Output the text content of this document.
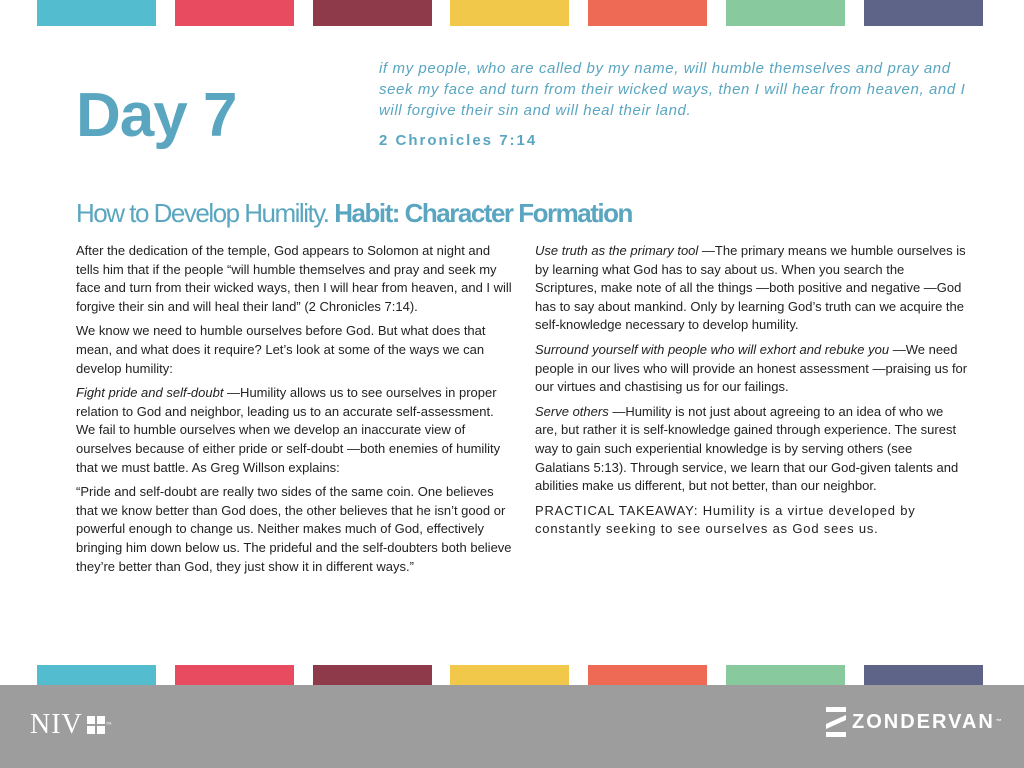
Day 7
if my people, who are called by my name, will humble themselves and pray and seek my face and turn from their wicked ways, then I will hear from heaven, and I will forgive their sin and will heal their land.
2 Chronicles 7:14
How to Develop Humility. Habit: Character Formation

After the dedication of the temple, God appears to Solomon at night and tells him that if the people “will humble themselves and pray and seek my face and turn from their wicked ways, then I will hear from heaven, and I will forgive their sin and will heal their land” (2 Chronicles 7:14).

We know we need to humble ourselves before God. But what does that mean, and what does it require? Let’s look at some of the ways we can develop humility:

Fight pride and self-doubt —Humility allows us to see ourselves in proper relation to God and neighbor, leading us to an accurate self-assessment. We fail to humble ourselves when we develop an inaccurate view of ourselves because of either pride or self-doubt —both enemies of humility that we must battle. As Greg Willson explains:

“Pride and self-doubt are really two sides of the same coin. One believes that we know better than God does, the other believes that he isn’t good or powerful enough to change us. Neither makes much of God, effectively bringing him down below us. The prideful and the self-doubters both believe they’re better than God, they just show it in different ways.”

Use truth as the primary tool —The primary means we humble ourselves is by learning what God has to say about us. When you search the Scriptures, make note of all the things —both positive and negative —God has to say about mankind. Only by learning God’s truth can we acquire the self-knowledge necessary to develop humility.

Surround yourself with people who will exhort and rebuke you —We need people in our lives who will provide an honest assessment —praising us for our virtues and chastising us for our failings.

Serve others —Humility is not just about agreeing to an idea of who we are, but rather it is self-knowledge gained through experience. The surest way to gain such experiential knowledge is by serving others (see Galatians 5:13). Through service, we learn that our God-given talents and abilities make us different, but not better, than our neighbor.

PRACTICAL TAKEAWAY: Humility is a virtue developed by constantly seeking to see ourselves as God sees us.

NIV	™	ZONDERVAN ™
